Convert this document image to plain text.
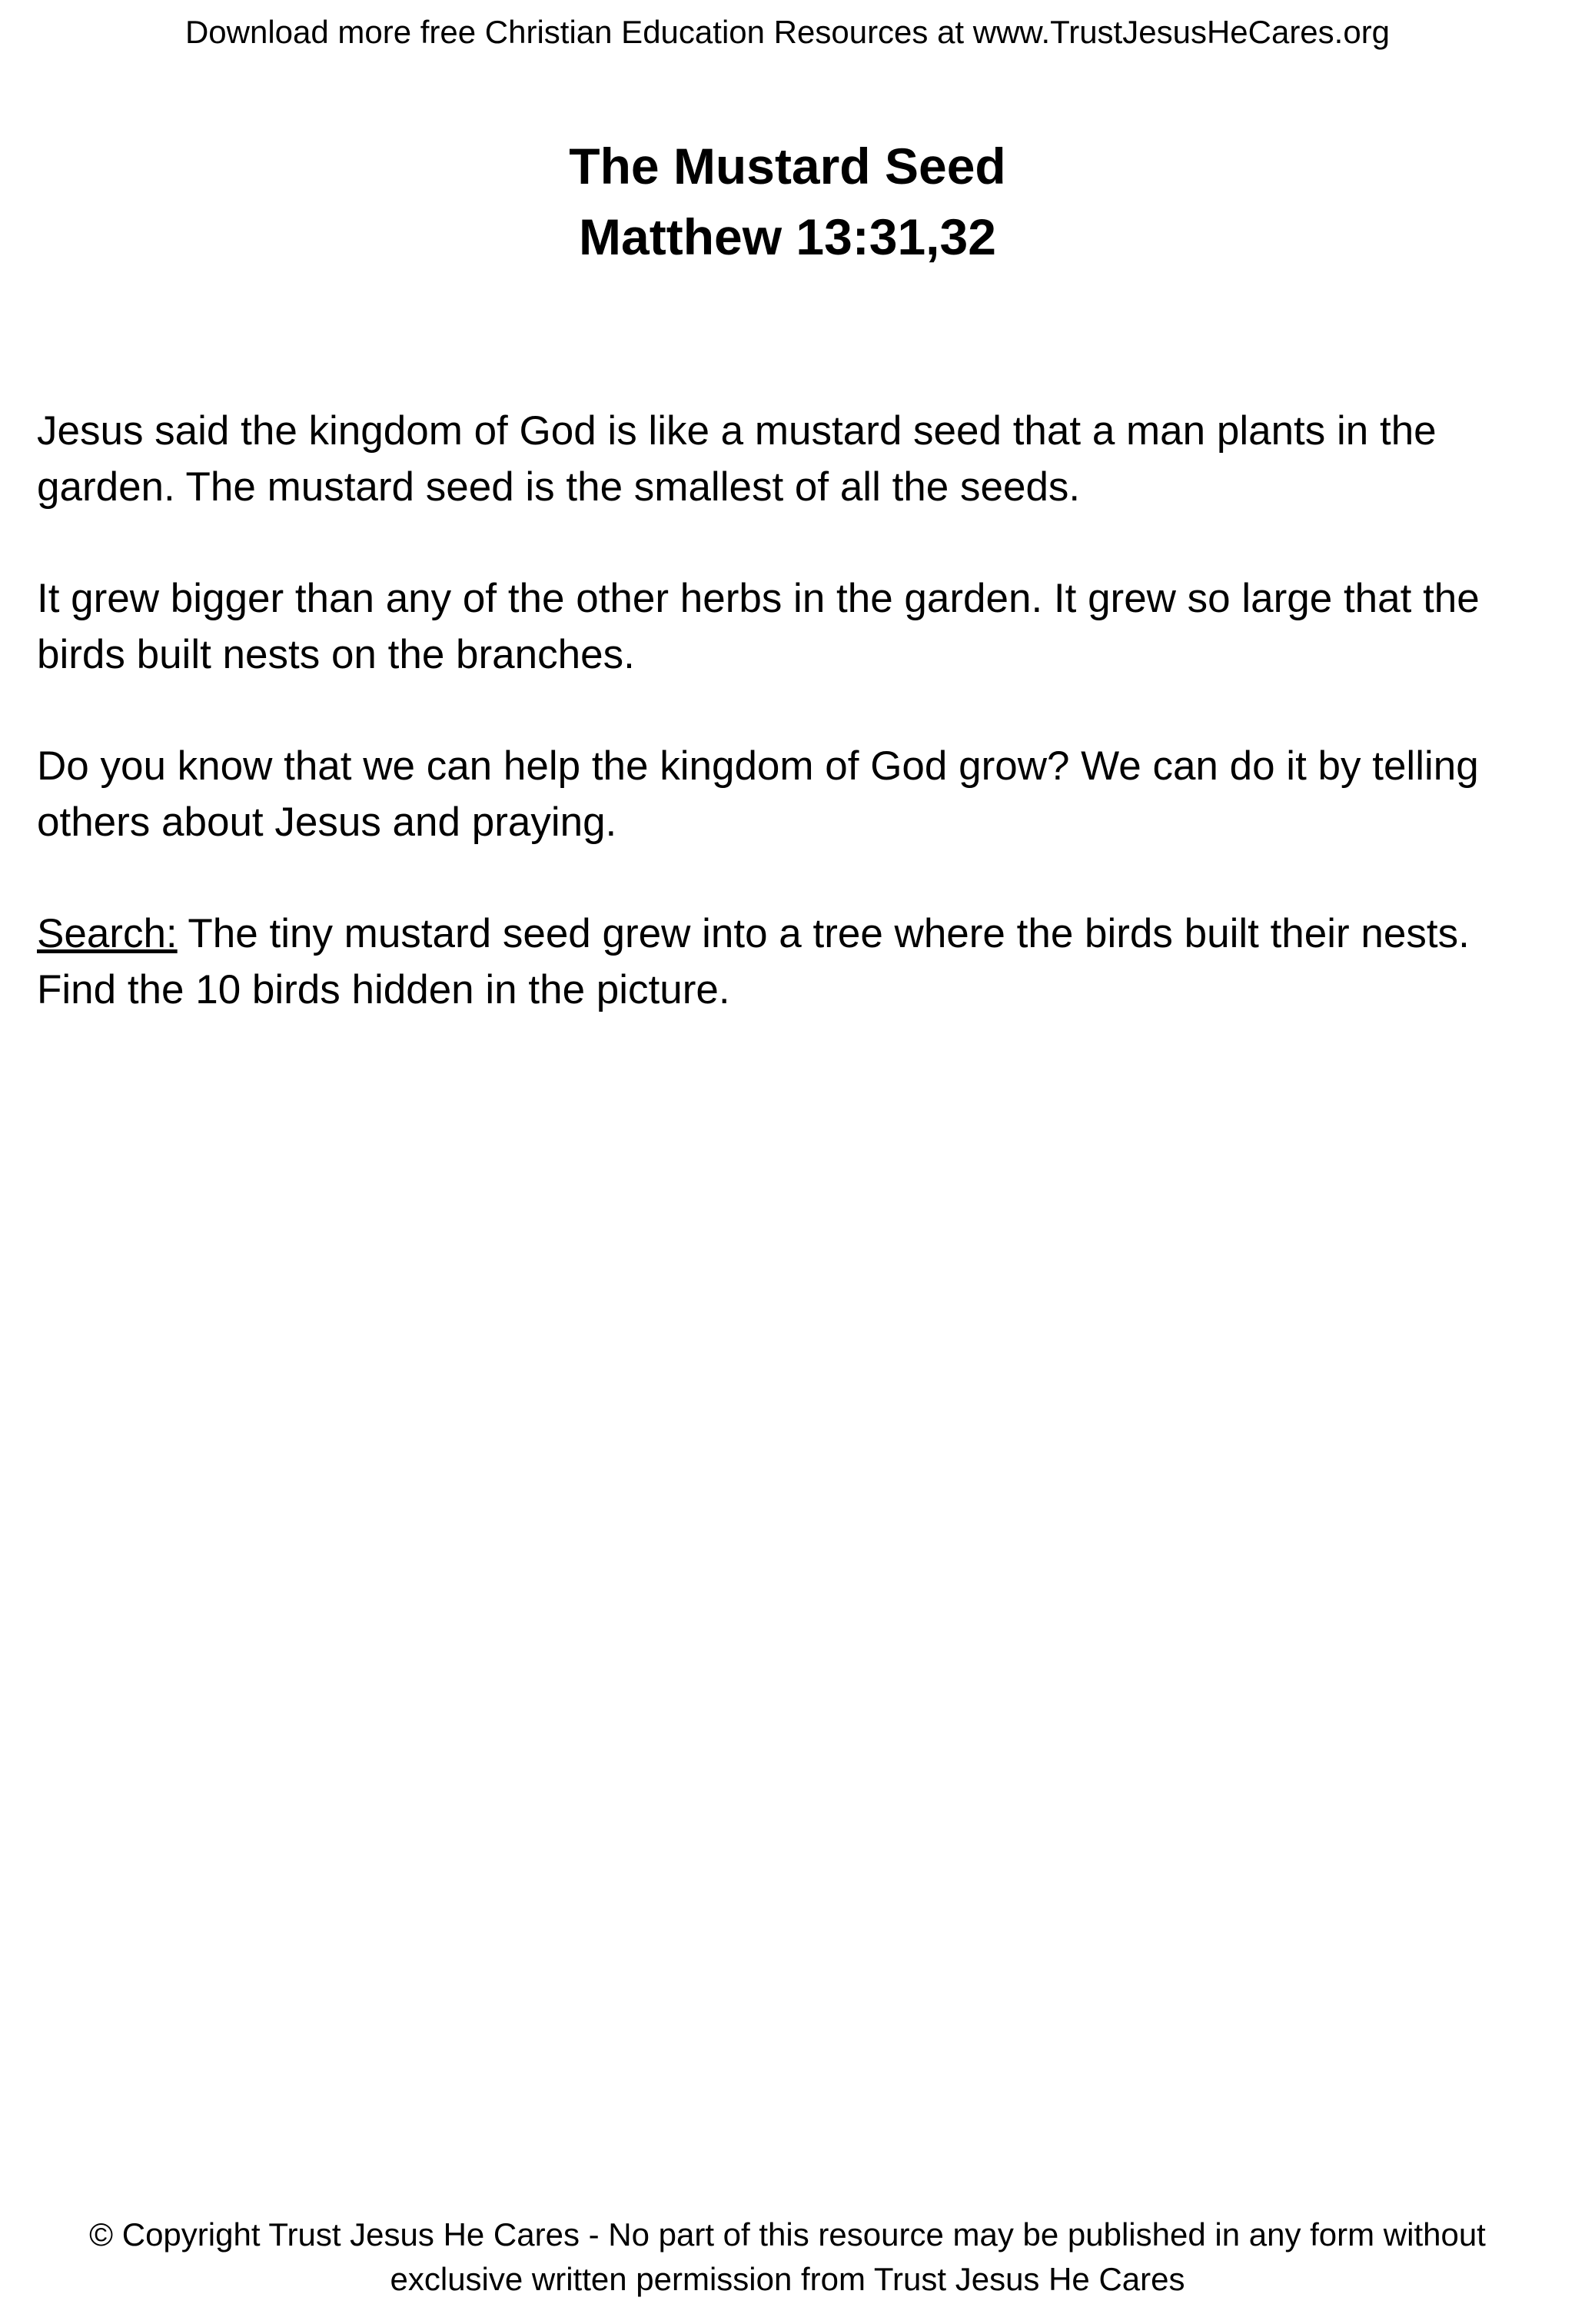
Download more free Christian Education Resources at www.TrustJesusHeCares.org
The Mustard Seed
Matthew 13:31,32

Jesus said the kingdom of God is like a mustard seed that a man plants in the garden. The mustard seed is the smallest of all the seeds.

It grew bigger than any of the other herbs in the garden. It grew so large that the birds built nests on the branches.

Do you know that we can help the kingdom of God grow? We can do it by telling others about Jesus and praying.

Search: The tiny mustard seed grew into a tree where the birds built their nests. Find the 10 birds hidden in the picture.

© Copyright Trust Jesus He Cares - No part of this resource may be published in any form without
exclusive written permission from Trust Jesus He Cares
